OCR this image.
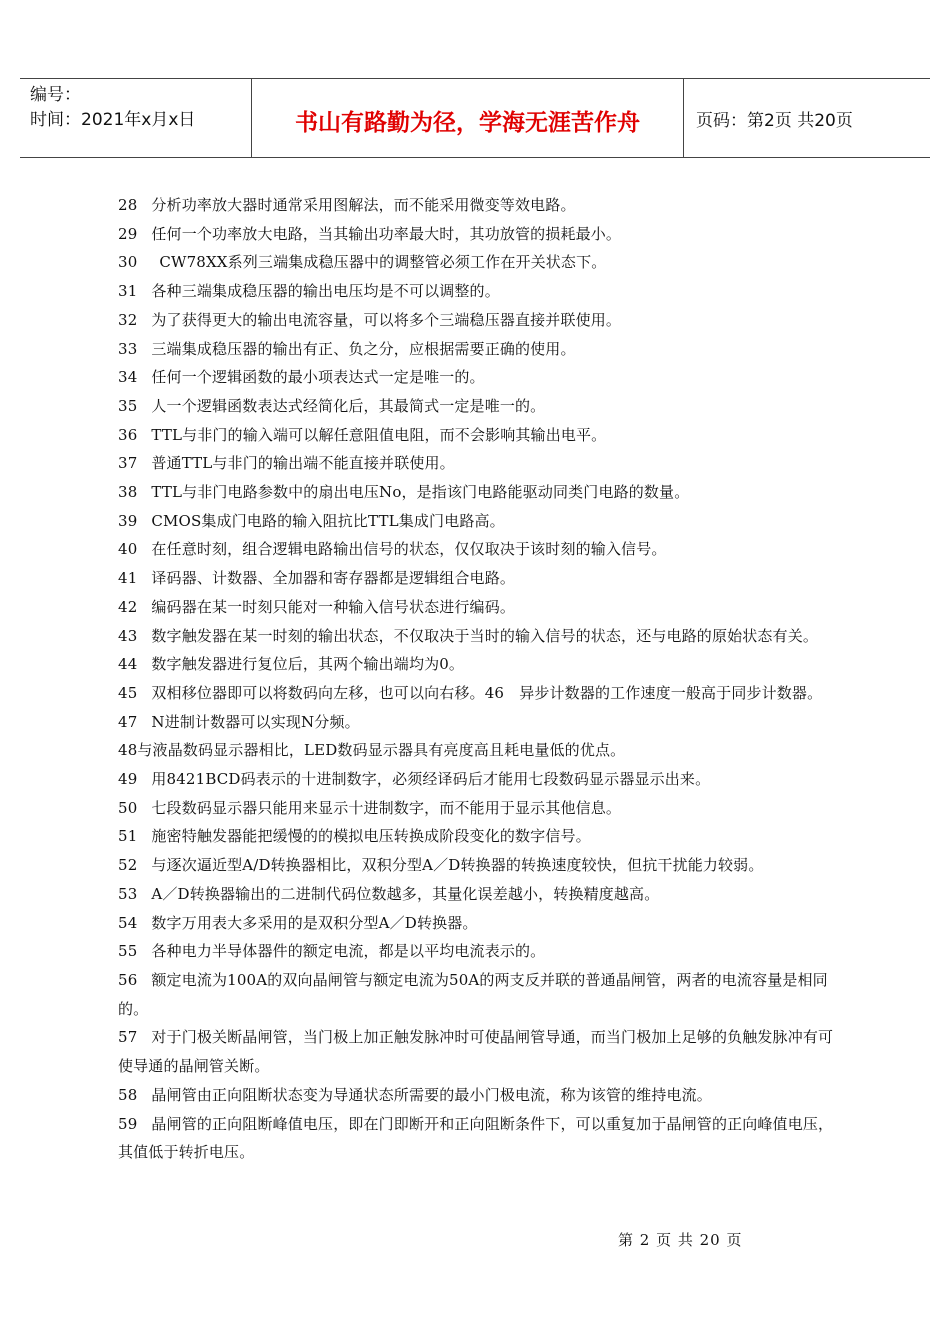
编号：
时间：2021年x月x日	书山有路勤为径，学海无涯苦作舟	页码：第2页 共20页

28 分析功率放大器时通常采用图解法，而不能采用微变等效电路。

29 任何一个功率放大电路，当其输出功率最大时，其功放管的损耗最小。

30 CW78XX系列三端集成稳压器中的调整管必须工作在开关状态下。

31 各种三端集成稳压器的输出电压均是不可以调整的。

32 为了获得更大的输出电流容量，可以将多个三端稳压器直接并联使用。

33 三端集成稳压器的输出有正、负之分，应根据需要正确的使用。

34 任何一个逻辑函数的最小项表达式一定是唯一的。

35 人一个逻辑函数表达式经简化后，其最简式一定是唯一的。

36 TTL与非门的输入端可以解任意阻值电阻，而不会影响其输出电平。

37 普通TTL与非门的输出端不能直接并联使用。

38 TTL与非门电路参数中的扇出电压No，是指该门电路能驱动同类门电路的数量。

39 CMOS集成门电路的输入阻抗比TTL集成门电路高。

40 在任意时刻，组合逻辑电路输出信号的状态，仅仅取决于该时刻的输入信号。

41 译码器、计数器、全加器和寄存器都是逻辑组合电路。

42 编码器在某一时刻只能对一种输入信号状态进行编码。

43 数字触发器在某一时刻的输出状态，不仅取决于当时的输入信号的状态，还与电路的原始状态有关。

44 数字触发器进行复位后，其两个输出端均为0。

45 双相移位器即可以将数码向左移，也可以向右移。46　异步计数器的工作速度一般高于同步计数器。

47 N进制计数器可以实现N分频。

48与液晶数码显示器相比，LED数码显示器具有亮度高且耗电量低的优点。

49 用8421BCD码表示的十进制数字，必须经译码后才能用七段数码显示器显示出来。

50 七段数码显示器只能用来显示十进制数字，而不能用于显示其他信息。

51 施密特触发器能把缓慢的的模拟电压转换成阶段变化的数字信号。

52 与逐次逼近型A/D转换器相比，双积分型A／D转换器的转换速度较快，但抗干扰能力较弱。

53 A／D转换器输出的二进制代码位数越多，其量化误差越小，转换精度越高。

54 数字万用表大多采用的是双积分型A／D转换器。

55 各种电力半导体器件的额定电流，都是以平均电流表示的。

56 额定电流为100A的双向晶闸管与额定电流为50A的两支反并联的普通晶闸管，两者的电流容量是相同的。

57 对于门极关断晶闸管，当门极上加正触发脉冲时可使晶闸管导通，而当门极加上足够的负触发脉冲有可使导通的晶闸管关断。

58 晶闸管由正向阻断状态变为导通状态所需要的最小门极电流，称为该管的维持电流。

59 晶闸管的正向阻断峰值电压，即在门即断开和正向阻断条件下，可以重复加于晶闸管的正向峰值电压，其值低于转折电压。

第 2 页 共 20 页
